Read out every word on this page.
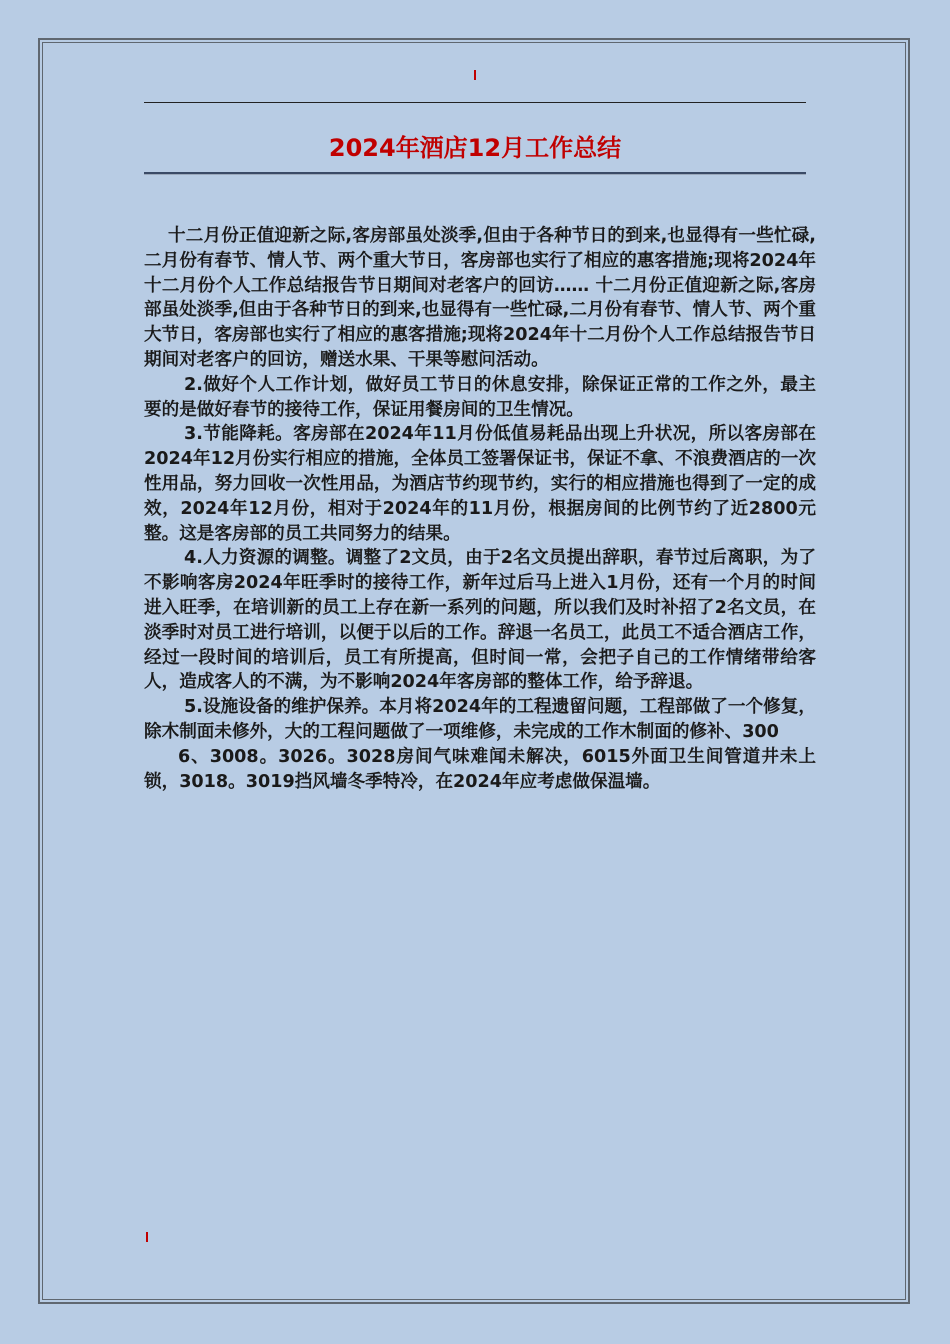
2024年酒店12月工作总结

十二月份正值迎新之际,客房部虽处淡季,但由于各种节日的到来,也显得有一些忙碌,二月份有春节、情人节、两个重大节日，客房部也实行了相应的惠客措施;现将2024年十二月份个人工作总结报告节日期间对老客户的回访…… 十二月份正值迎新之际,客房部虽处淡季,但由于各种节日的到来,也显得有一些忙碌,二月份有春节、情人节、两个重大节日，客房部也实行了相应的惠客措施;现将2024年十二月份个人工作总结报告节日期间对老客户的回访，赠送水果、干果等慰问活动。

2.做好个人工作计划，做好员工节日的休息安排，除保证正常的工作之外，最主要的是做好春节的接待工作，保证用餐房间的卫生情况。

3.节能降耗。客房部在2024年11月份低值易耗品出现上升状况，所以客房部在2024年12月份实行相应的措施，全体员工签署保证书，保证不拿、不浪费酒店的一次性用品，努力回收一次性用品，为酒店节约现节约，实行的相应措施也得到了一定的成效，2024年12月份，相对于2024年的11月份，根据房间的比例节约了近2800元整。这是客房部的员工共同努力的结果。

4.人力资源的调整。调整了2文员，由于2名文员提出辞职，春节过后离职，为了不影响客房2024年旺季时的接待工作，新年过后马上进入1月份，还有一个月的时间进入旺季，在培训新的员工上存在新一系列的问题，所以我们及时补招了2名文员，在淡季时对员工进行培训，以便于以后的工作。辞退一名员工，此员工不适合酒店工作，经过一段时间的培训后，员工有所提高，但时间一常，会把子自己的工作情绪带给客人，造成客人的不满，为不影响2024年客房部的整体工作，给予辞退。

5.设施设备的维护保养。本月将2024年的工程遗留问题，工程部做了一个修复，除木制面未修外，大的工程问题做了一项维修，未完成的工作木制面的修补、300

6、3008。3026。3028房间气味难闻未解决，6015外面卫生间管道井未上锁，3018。3019挡风墙冬季特冷，在2024年应考虑做保温墙。
